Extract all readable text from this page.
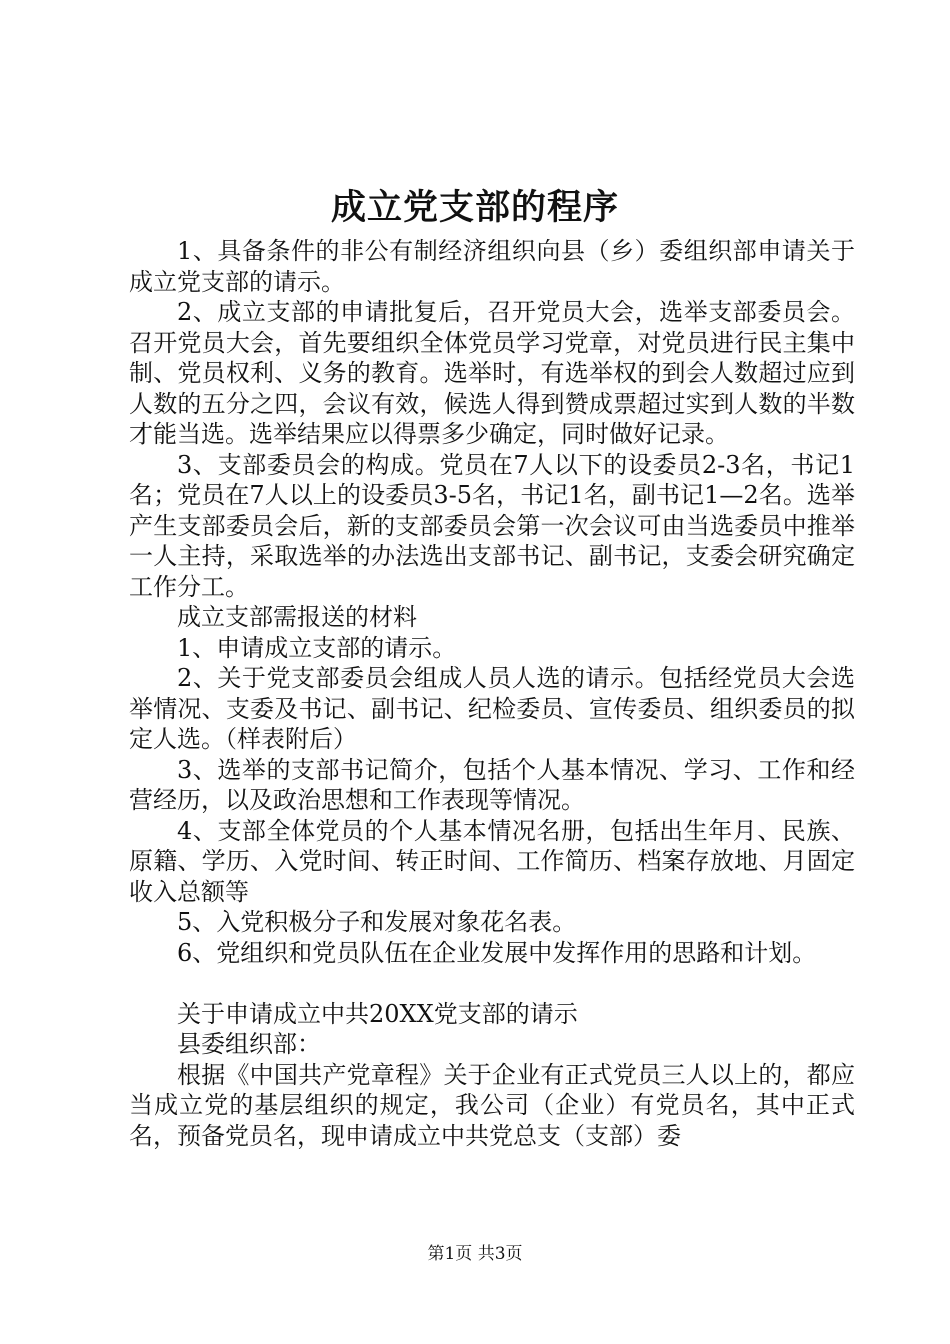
成立党支部的程序

1、具备条件的非公有制经济组织向县（乡）委组织部申请关于成立党支部的请示。

2、成立支部的申请批复后，召开党员大会，选举支部委员会。召开党员大会，首先要组织全体党员学习党章，对党员进行民主集中制、党员权利、义务的教育。选举时，有选举权的到会人数超过应到人数的五分之四，会议有效，候选人得到赞成票超过实到人数的半数才能当选。选举结果应以得票多少确定，同时做好记录。

3、支部委员会的构成。党员在7人以下的设委员2-3名，书记1名；党员在7人以上的设委员3-5名，书记1名，副书记1—2名。选举产生支部委员会后，新的支部委员会第一次会议可由当选委员中推举一人主持，采取选举的办法选出支部书记、副书记，支委会研究确定工作分工。

成立支部需报送的材料

1、申请成立支部的请示。

2、关于党支部委员会组成人员人选的请示。包括经党员大会选举情况、支委及书记、副书记、纪检委员、宣传委员、组织委员的拟定人选。（样表附后）

3、选举的支部书记简介，包括个人基本情况、学习、工作和经营经历，以及政治思想和工作表现等情况。

4、支部全体党员的个人基本情况名册，包括出生年月、民族、原籍、学历、入党时间、转正时间、工作简历、档案存放地、月固定收入总额等

5、入党积极分子和发展对象花名表。

6、党组织和党员队伍在企业发展中发挥作用的思路和计划。

关于申请成立中共20XX党支部的请示

县委组织部：

根据《中国共产党章程》关于企业有正式党员三人以上的，都应当成立党的基层组织的规定，我公司（企业）有党员名，其中正式名，预备党员名，现申请成立中共党总支（支部）委

第1页 共3页
